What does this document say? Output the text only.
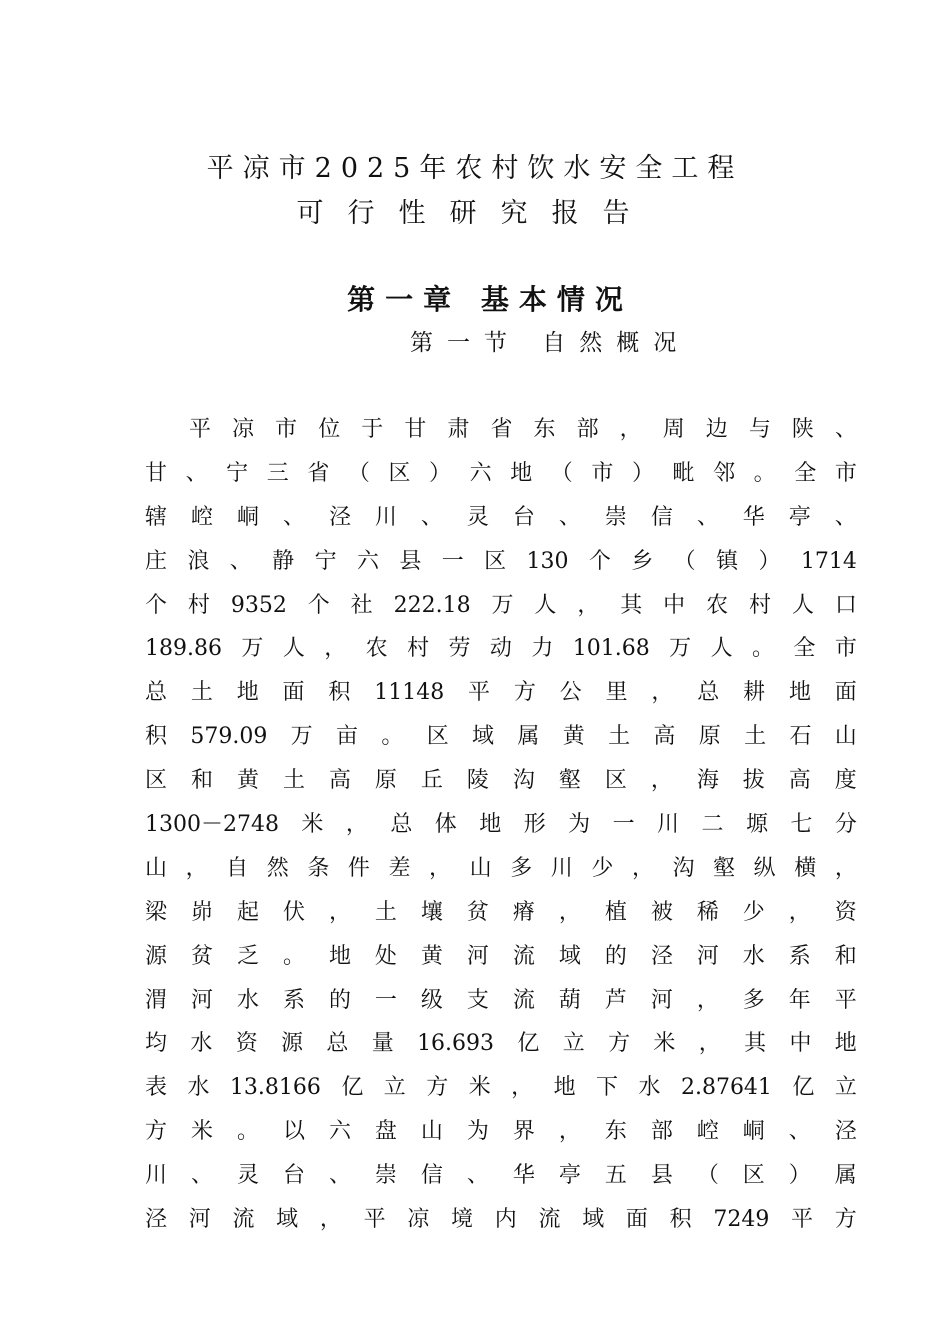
平凉市2025年农村饮水安全工程
可行性研究报告
第一章 基本情况
第一节 自然概况
平 凉 市 位 于 甘 肃 省 东 部 ， 周 边 与 陕 、
甘 、 宁 三 省 （ 区 ） 六 地 （ 市 ） 毗 邻 。 全 市
辖 崆 峒 、 泾 川 、 灵 台 、 崇 信 、 华 亭 、
庄 浪 、 静 宁 六 县 一 区 130 个 乡 （ 镇 ） 1714
个 村 9352 个 社 222.18 万 人 ， 其 中 农 村 人 口
189.86 万 人 ， 农 村 劳 动 力 101.68 万 人 。 全 市
总 土 地 面 积 11148 平 方 公 里 ， 总 耕 地 面
积 579.09 万 亩 。 区 域 属 黄 土 高 原 土 石 山
区 和 黄 土 高 原 丘 陵 沟 壑 区 ， 海 拔 高 度
1300－2748 米 ， 总 体 地 形 为 一 川 二 塬 七 分
山 ， 自 然 条 件 差 ， 山 多 川 少 ， 沟 壑 纵 横 ，
梁 峁 起 伏 ， 土 壤 贫 瘠 ， 植 被 稀 少 ， 资
源 贫 乏 。 地 处 黄 河 流 域 的 泾 河 水 系 和
渭 河 水 系 的 一 级 支 流 葫 芦 河 ， 多 年 平
均 水 资 源 总 量 16.693 亿 立 方 米 ， 其 中 地
表 水 13.8166 亿 立 方 米 ， 地 下 水 2.87641 亿 立
方 米 。 以 六 盘 山 为 界 ， 东 部 崆 峒 、 泾
川 、 灵 台 、 崇 信 、 华 亭 五 县 （ 区 ） 属
泾 河 流 域 ， 平 凉 境 内 流 域 面 积 7249 平 方
